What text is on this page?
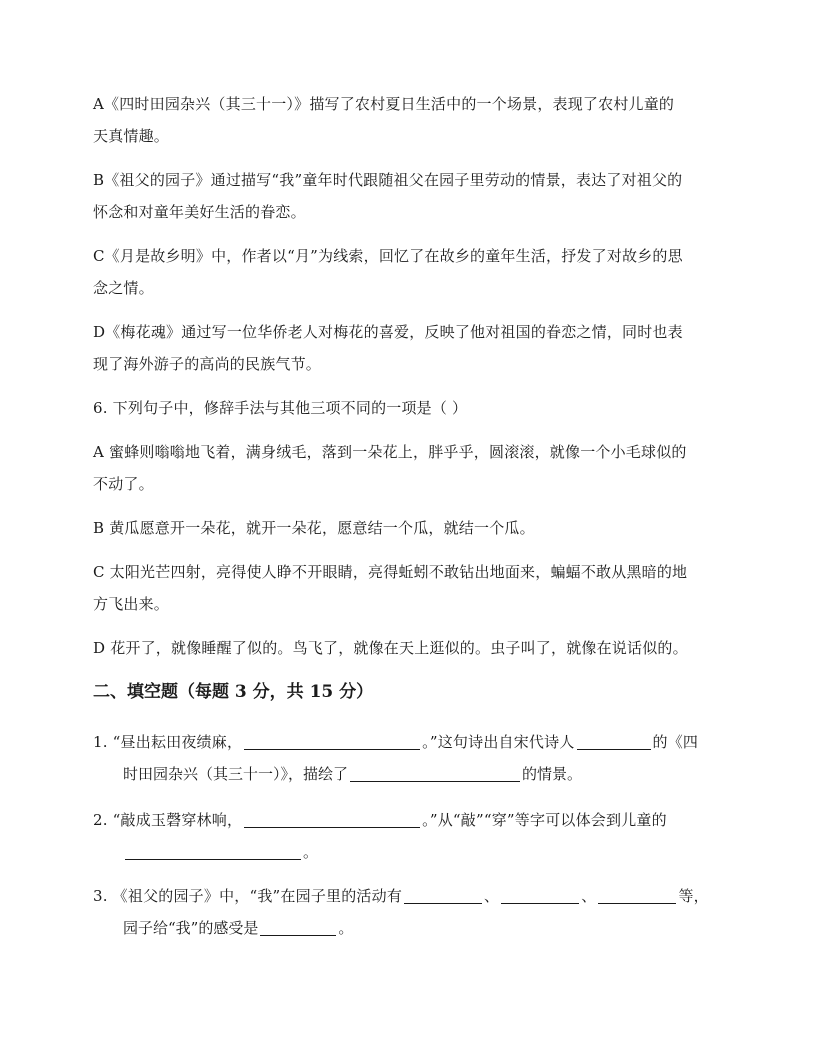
A《四时田园杂兴（其三十一）》描写了农村夏日生活中的一个场景，表现了农村儿童的
天真情趣。
B《祖父的园子》通过描写“我”童年时代跟随祖父在园子里劳动的情景，表达了对祖父的
怀念和对童年美好生活的眷恋。
C《月是故乡明》中，作者以“月”为线索，回忆了在故乡的童年生活，抒发了对故乡的思
念之情。
D《梅花魂》通过写一位华侨老人对梅花的喜爱，反映了他对祖国的眷恋之情，同时也表
现了海外游子的高尚的民族气节。
6. 下列句子中，修辞手法与其他三项不同的一项是（ ）
A 蜜蜂则嗡嗡地飞着，满身绒毛，落到一朵花上，胖乎乎，圆滚滚，就像一个小毛球似的
不动了。
B 黄瓜愿意开一朵花，就开一朵花，愿意结一个瓜，就结一个瓜。
C 太阳光芒四射，亮得使人睁不开眼睛，亮得蚯蚓不敢钻出地面来，蝙蝠不敢从黑暗的地
方飞出来。
D 花开了，就像睡醒了似的。鸟飞了，就像在天上逛似的。虫子叫了，就像在说话似的。
二、填空题（每题 3 分，共 15 分）
1. “昼出耘田夜绩麻，	。”这句诗出自宋代诗人	的《四
时田园杂兴（其三十一）》，描绘了	的情景。
2. “敲成玉磬穿林响，	。”从“敲”“穿”等字可以体会到儿童的
。
3. 《祖父的园子》中，“我”在园子里的活动有	、	、	等，
园子给“我”的感受是	。
